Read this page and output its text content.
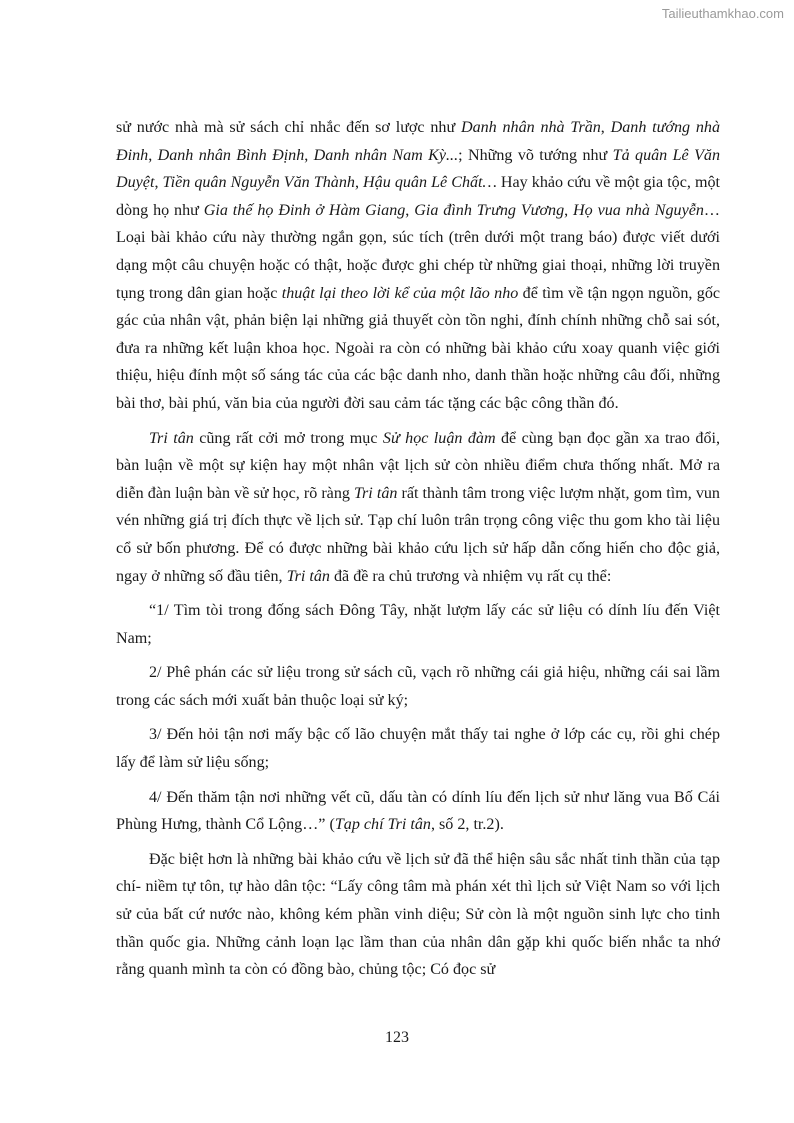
Tailieuthamkhao.com

sử nước nhà mà sử sách chỉ nhắc đến sơ lược như Danh nhân nhà Trần, Danh tướng nhà Đinh, Danh nhân Bình Định, Danh nhân Nam Kỳ...; Những võ tướng như Tả quân Lê Văn Duyệt, Tiền quân Nguyễn Văn Thành, Hậu quân Lê Chất… Hay khảo cứu về một gia tộc, một dòng họ như Gia thế họ Đinh ở Hàm Giang, Gia đình Trưng Vương, Họ vua nhà Nguyễn… Loại bài khảo cứu này thường ngắn gọn, súc tích (trên dưới một trang báo) được viết dưới dạng một câu chuyện hoặc có thật, hoặc được ghi chép từ những giai thoại, những lời truyền tụng trong dân gian hoặc thuật lại theo lời kể của một lão nho để tìm về tận ngọn nguồn, gốc gác của nhân vật, phản biện lại những giả thuyết còn tồn nghi, đính chính những chỗ sai sót, đưa ra những kết luận khoa học. Ngoài ra còn có những bài khảo cứu xoay quanh việc giới thiệu, hiệu đính một số sáng tác của các bậc danh nho, danh thần hoặc những câu đối, những bài thơ, bài phú, văn bia của người đời sau cảm tác tặng các bậc công thần đó.

Tri tân cũng rất cởi mở trong mục Sử học luận đàm để cùng bạn đọc gần xa trao đổi, bàn luận về một sự kiện hay một nhân vật lịch sử còn nhiều điểm chưa thống nhất. Mở ra diễn đàn luận bàn về sử học, rõ ràng Tri tân rất thành tâm trong việc lượm nhặt, gom tìm, vun vén những giá trị đích thực về lịch sử. Tạp chí luôn trân trọng công việc thu gom kho tài liệu cổ sử bốn phương. Để có được những bài khảo cứu lịch sử hấp dẫn cống hiến cho độc giả, ngay ở những số đầu tiên, Tri tân đã đề ra chủ trương và nhiệm vụ rất cụ thể:

“1/ Tìm tòi trong đống sách Đông Tây, nhặt lượm lấy các sử liệu có dính líu đến Việt Nam;

2/ Phê phán các sử liệu trong sử sách cũ, vạch rõ những cái giả hiệu, những cái sai lầm trong các sách mới xuất bản thuộc loại sử ký;

3/ Đến hỏi tận nơi mấy bậc cố lão chuyện mắt thấy tai nghe ở lớp các cụ, rồi ghi chép lấy để làm sử liệu sống;

4/ Đến thăm tận nơi những vết cũ, dấu tàn có dính líu đến lịch sử như lăng vua Bố Cái Phùng Hưng, thành Cổ Lộng…” (Tạp chí Tri tân, số 2, tr.2).

Đặc biệt hơn là những bài khảo cứu về lịch sử đã thể hiện sâu sắc nhất tinh thần của tạp chí- niềm tự tôn, tự hào dân tộc: “Lấy công tâm mà phán xét thì lịch sử Việt Nam so với lịch sử của bất cứ nước nào, không kém phần vinh diệu; Sử còn là một nguồn sinh lực cho tinh thần quốc gia. Những cảnh loạn lạc lầm than của nhân dân gặp khi quốc biến nhắc ta nhớ rằng quanh mình ta còn có đồng bào, chủng tộc; Có đọc sử

123
